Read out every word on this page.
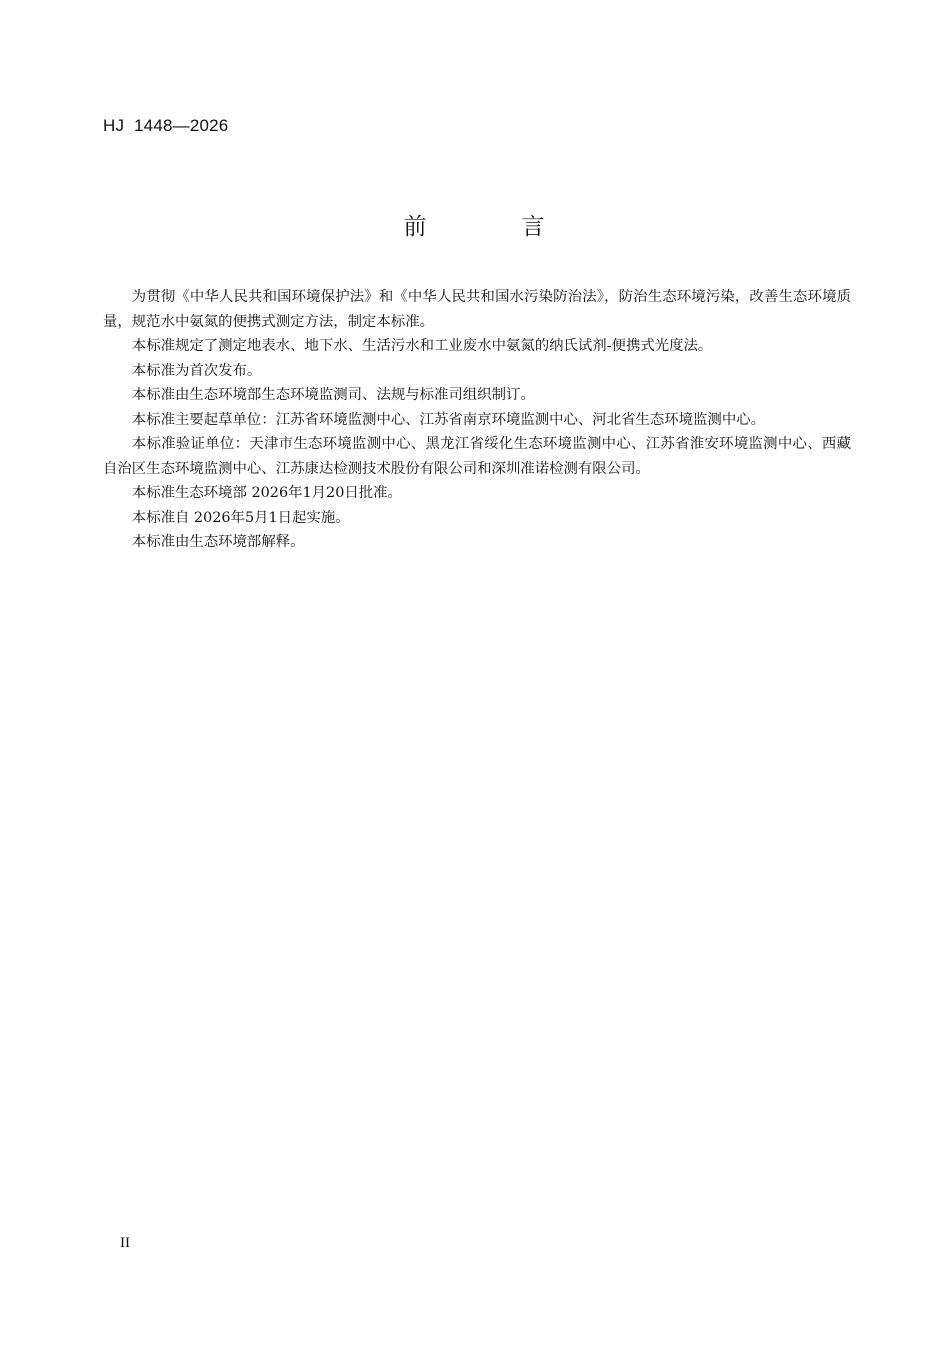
HJ  1448—2026
前          言

为贯彻《中华人民共和国环境保护法》和《中华人民共和国水污染防治法》，防治生态环境污染，改善生态环境质量，规范水中氨氮的便携式测定方法，制定本标准。

本标准规定了测定地表水、地下水、生活污水和工业废水中氨氮的纳氏试剂-便携式光度法。

本标准为首次发布。

本标准由生态环境部生态环境监测司、法规与标准司组织制订。

本标准主要起草单位：江苏省环境监测中心、江苏省南京环境监测中心、河北省生态环境监测中心。

本标准验证单位：天津市生态环境监测中心、黑龙江省绥化生态环境监测中心、江苏省淮安环境监测中心、西藏自治区生态环境监测中心、江苏康达检测技术股份有限公司和深圳准诺检测有限公司。

本标准生态环境部 2026年1月20日批准。

本标准自 2026年5月1日起实施。

本标准由生态环境部解释。

II
